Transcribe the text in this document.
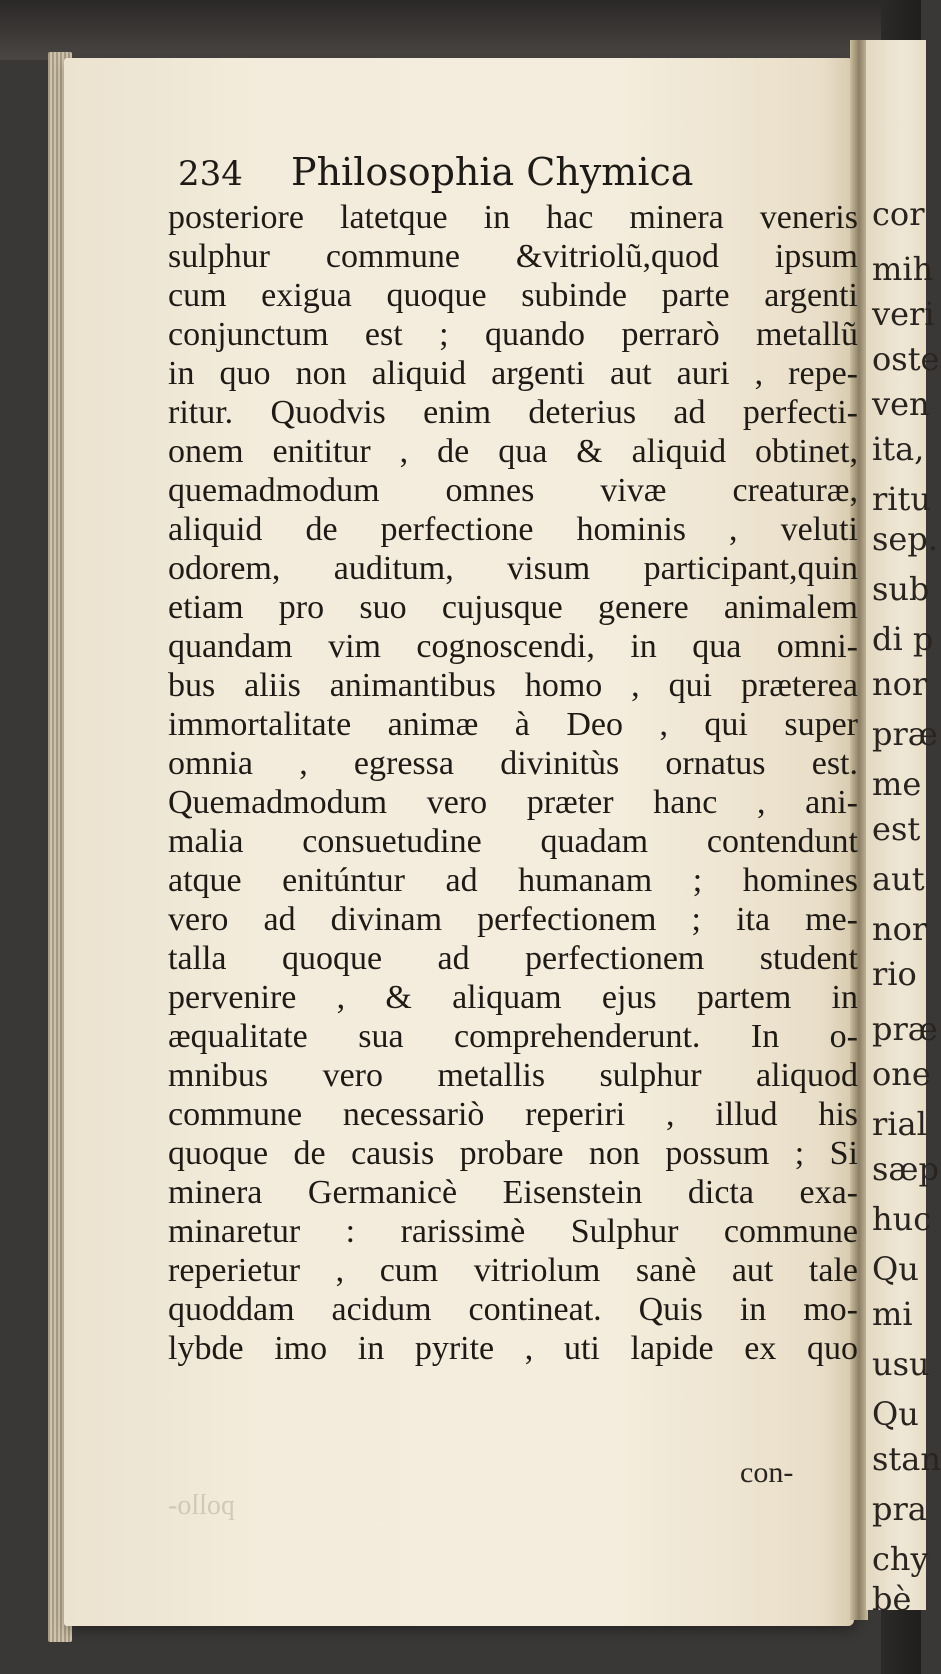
cor
mih
veri
oste
ven
ita,
ritu
sep.
sub
di p
nor
præ
me
est
aut
nor
rio
præ
one
rial
sæp
huc
Qu
mi
usu
Qu
stan
pra
chy
bè
234 Philosophia Chymica
posteriore latetque in hac minera veneris
sulphur commune &vitriolũ,quod ipsum
cum exigua quoque subinde parte argenti
conjunctum est ; quando perrarò metallũ
in quo non aliquid argenti aut auri , repe-
ritur. Quodvis enim deterius ad perfecti-
onem enititur , de qua & aliquid obtinet,
quemadmodum omnes vivæ creaturæ,
aliquid de perfectione hominis , veluti
odorem, auditum, visum participant,quin
etiam pro suo cujusque genere animalem
quandam vim cognoscendi, in qua omni-
bus aliis animantibus homo , qui præterea
immortalitate animæ à Deo , qui super
omnia , egressa divinitùs ornatus est.
Quemadmodum vero præter hanc , ani-
malia consuetudine quadam contendunt
atque enitúntur ad humanam ; homines
vero ad divinam perfectionem ; ita me-
talla quoque ad perfectionem student
pervenire , & aliquam ejus partem in
æqualitate sua comprehenderunt. In o-
mnibus vero metallis sulphur aliquod
commune necessariò reperiri , illud his
quoque de causis probare non possum ; Si
minera Germanicè Eisenstein dicta exa-
minaretur : rarissimè Sulphur commune
reperietur , cum vitriolum sanè aut tale
quoddam acidum contineat. Quis in mo-
lybde imo in pyrite , uti lapide ex quo
con-
pollo-
